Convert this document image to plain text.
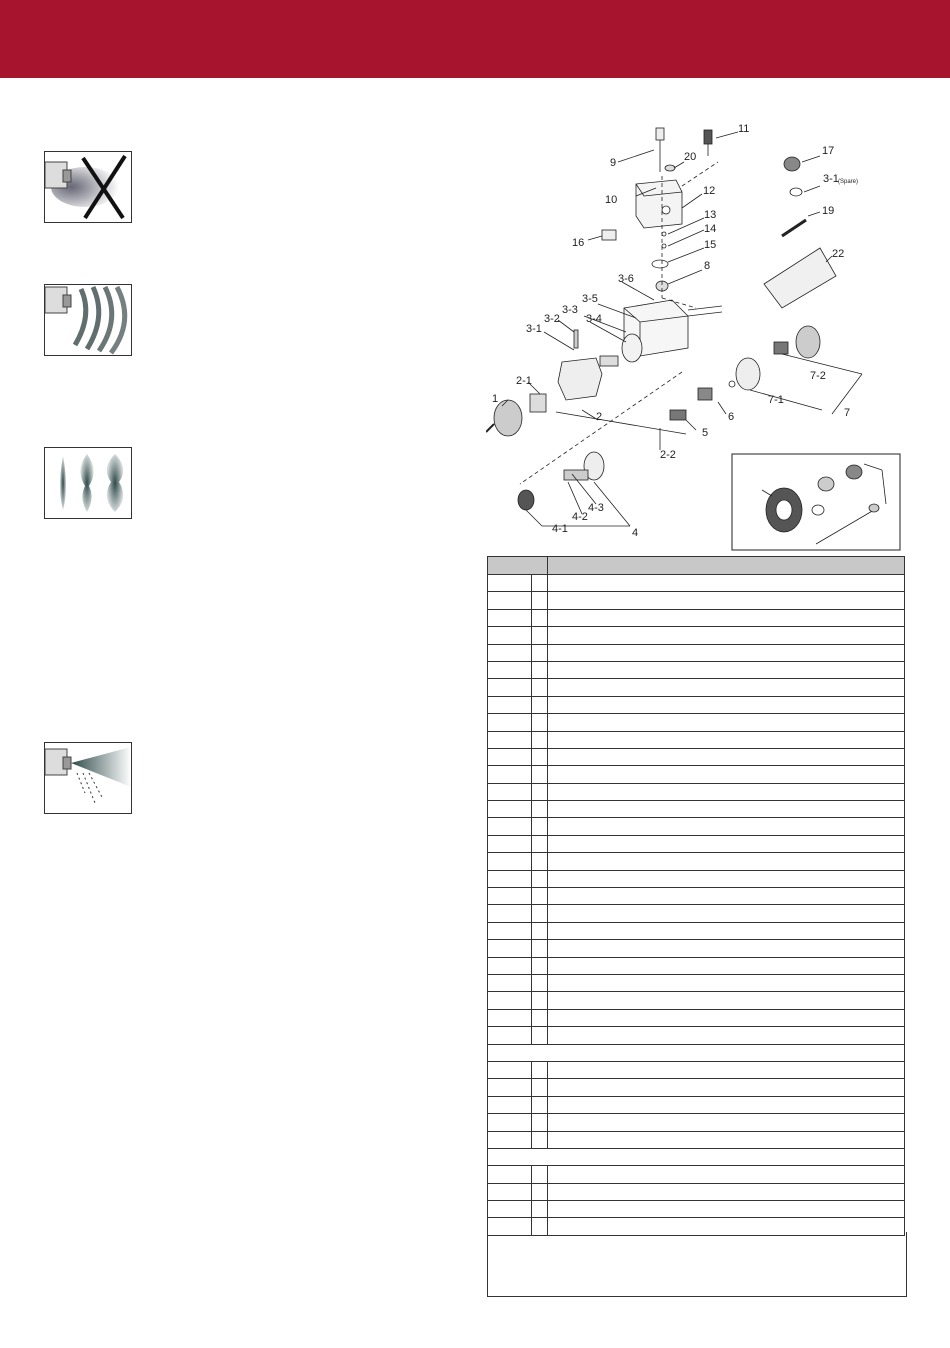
11
9	20
10
12
17
3-1 (Spare)
19
13
14
16	15
22
8
3-6
3-5
3-3
3-4
3-2
3-1
2-1
1
2
7-2
7-1
7
6
5
2-2
4-3
4-2
4
4-1
